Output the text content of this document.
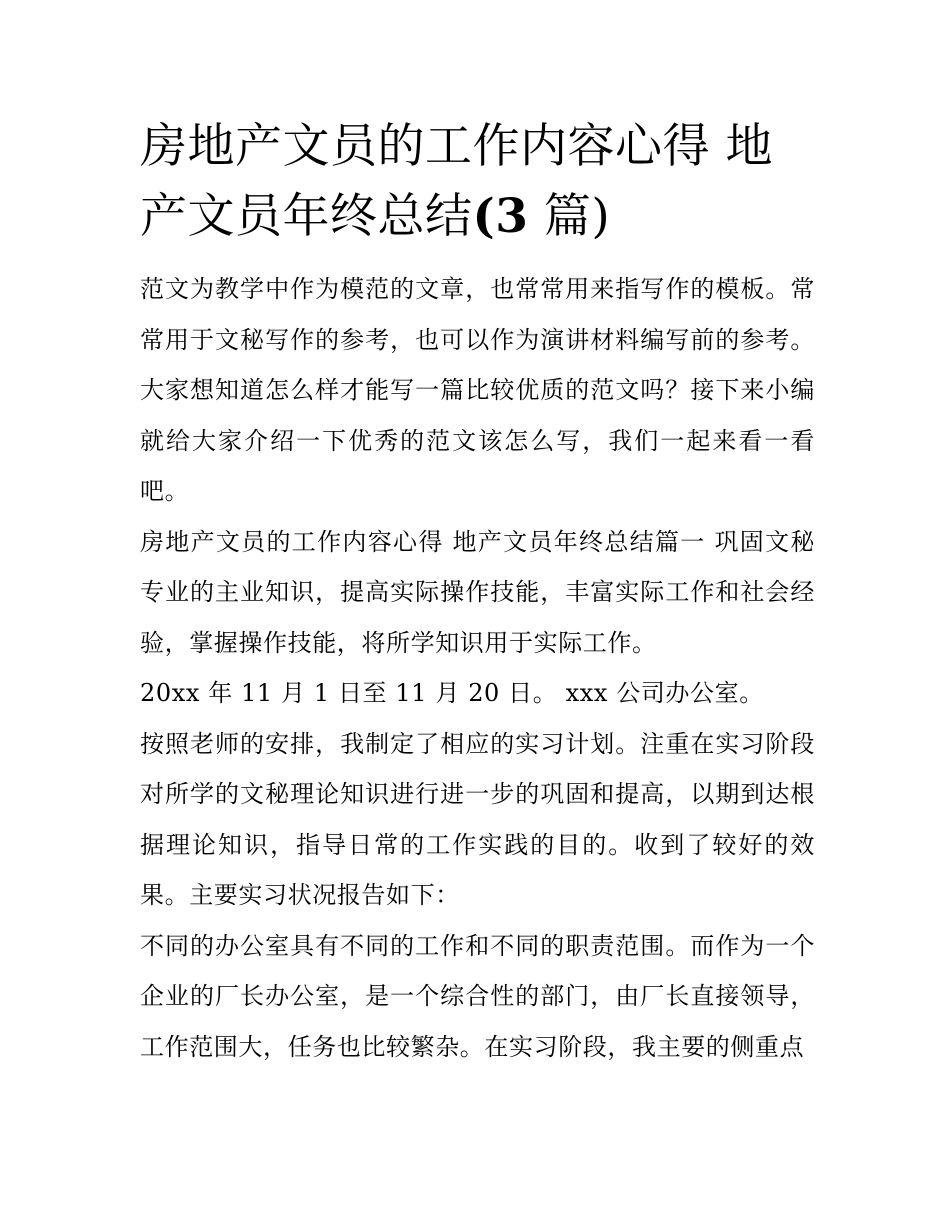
房地产文员的工作内容心得 地产文员年终总结(3 篇)

范文为教学中作为模范的文章，也常常用来指写作的模板。常常用于文秘写作的参考，也可以作为演讲材料编写前的参考。大家想知道怎么样才能写一篇比较优质的范文吗？接下来小编就给大家介绍一下优秀的范文该怎么写，我们一起来看一看吧。

房地产文员的工作内容心得 地产文员年终总结篇一 巩固文秘专业的主业知识，提高实际操作技能，丰富实际工作和社会经验，掌握操作技能，将所学知识用于实际工作。

20xx 年 11 月 1 日至 11 月 20 日。 xxx 公司办公室。

按照老师的安排，我制定了相应的实习计划。注重在实习阶段对所学的文秘理论知识进行进一步的巩固和提高，以期到达根据理论知识，指导日常的工作实践的目的。收到了较好的效果。主要实习状况报告如下：

不同的办公室具有不同的工作和不同的职责范围。而作为一个企业的厂长办公室，是一个综合性的部门，由厂长直接领导，工作范围大，任务也比较繁杂。在实习阶段，我主要的侧重点
